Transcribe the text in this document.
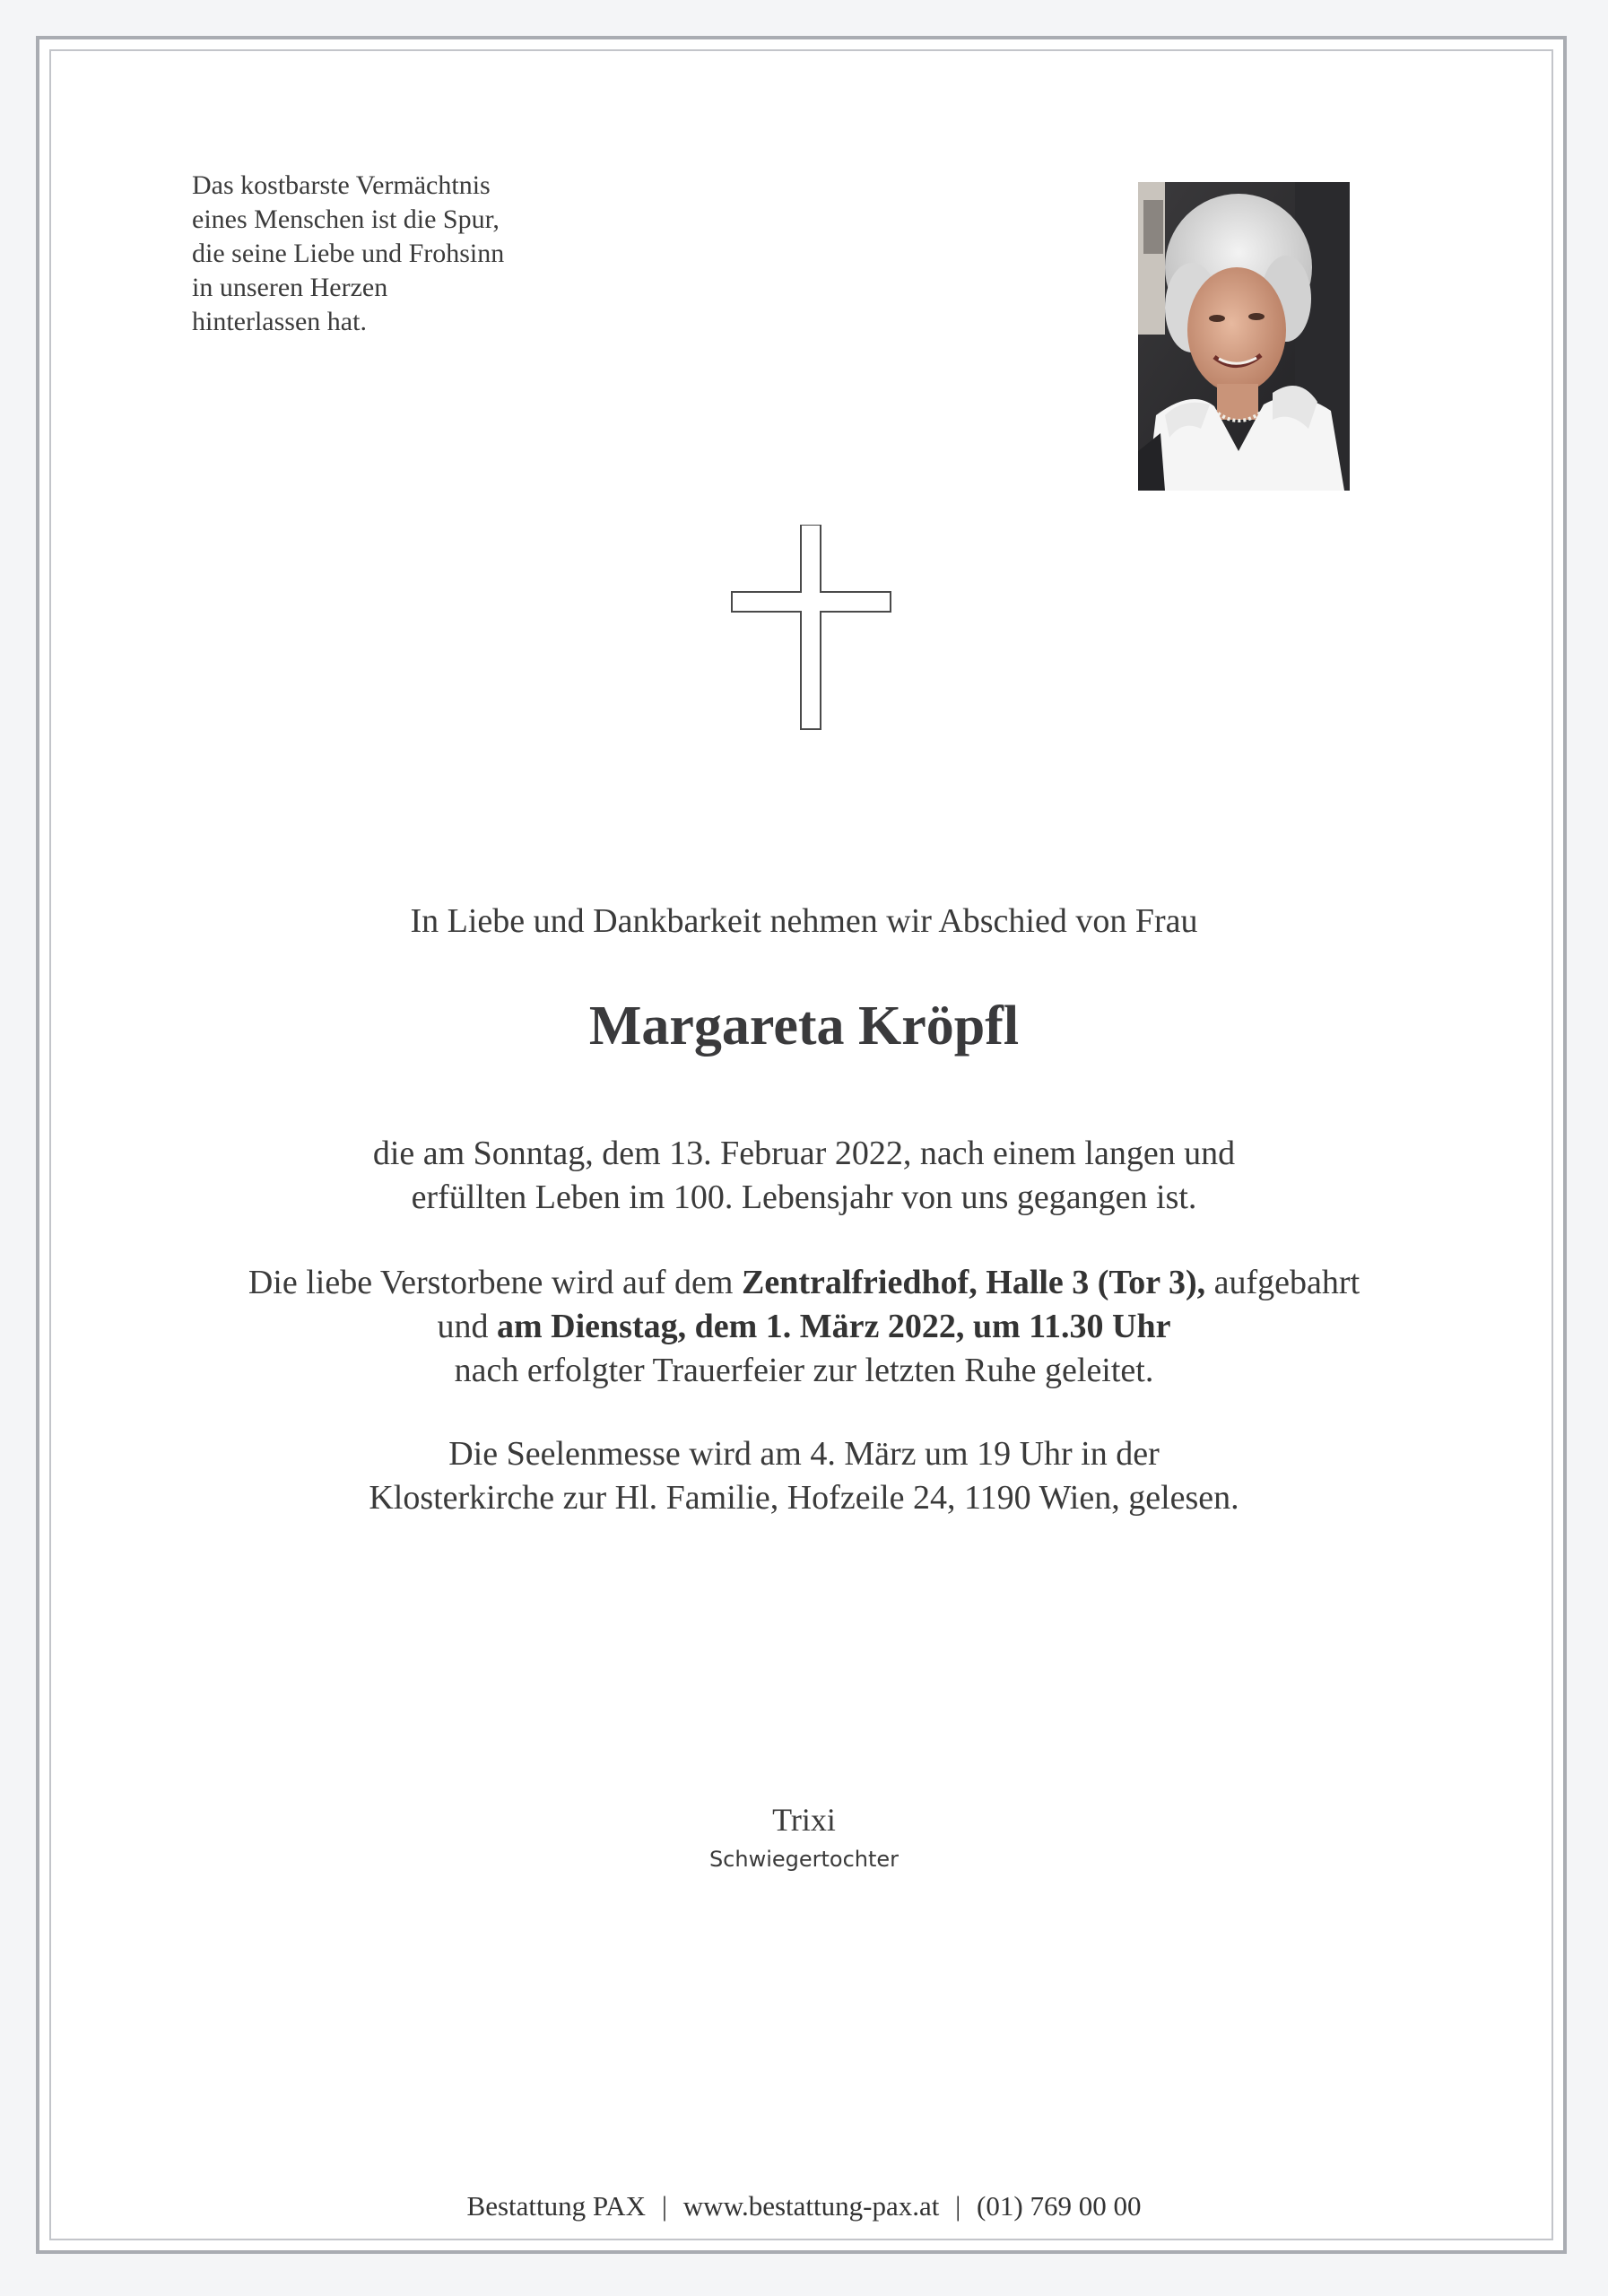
Das kostbarste Vermächtnis
eines Menschen ist die Spur,
die seine Liebe und Frohsinn
in unseren Herzen
hinterlassen hat.
In Liebe und Dankbarkeit nehmen wir Abschied von Frau
Margareta Kröpfl
die am Sonntag, dem 13. Februar 2022, nach einem langen und
erfüllten Leben im 100. Lebensjahr von uns gegangen ist.
Die liebe Verstorbene wird auf dem Zentralfriedhof, Halle 3 (Tor 3), aufgebahrt
und am Dienstag, dem 1. März 2022, um 11.30 Uhr
nach erfolgter Trauerfeier zur letzten Ruhe geleitet.
Die Seelenmesse wird am 4. März um 19 Uhr in der
Klosterkirche zur Hl. Familie, Hofzeile 24, 1190 Wien, gelesen.
Trixi
Schwiegertochter
Bestattung PAX | www.bestattung-pax.at | (01) 769 00 00
